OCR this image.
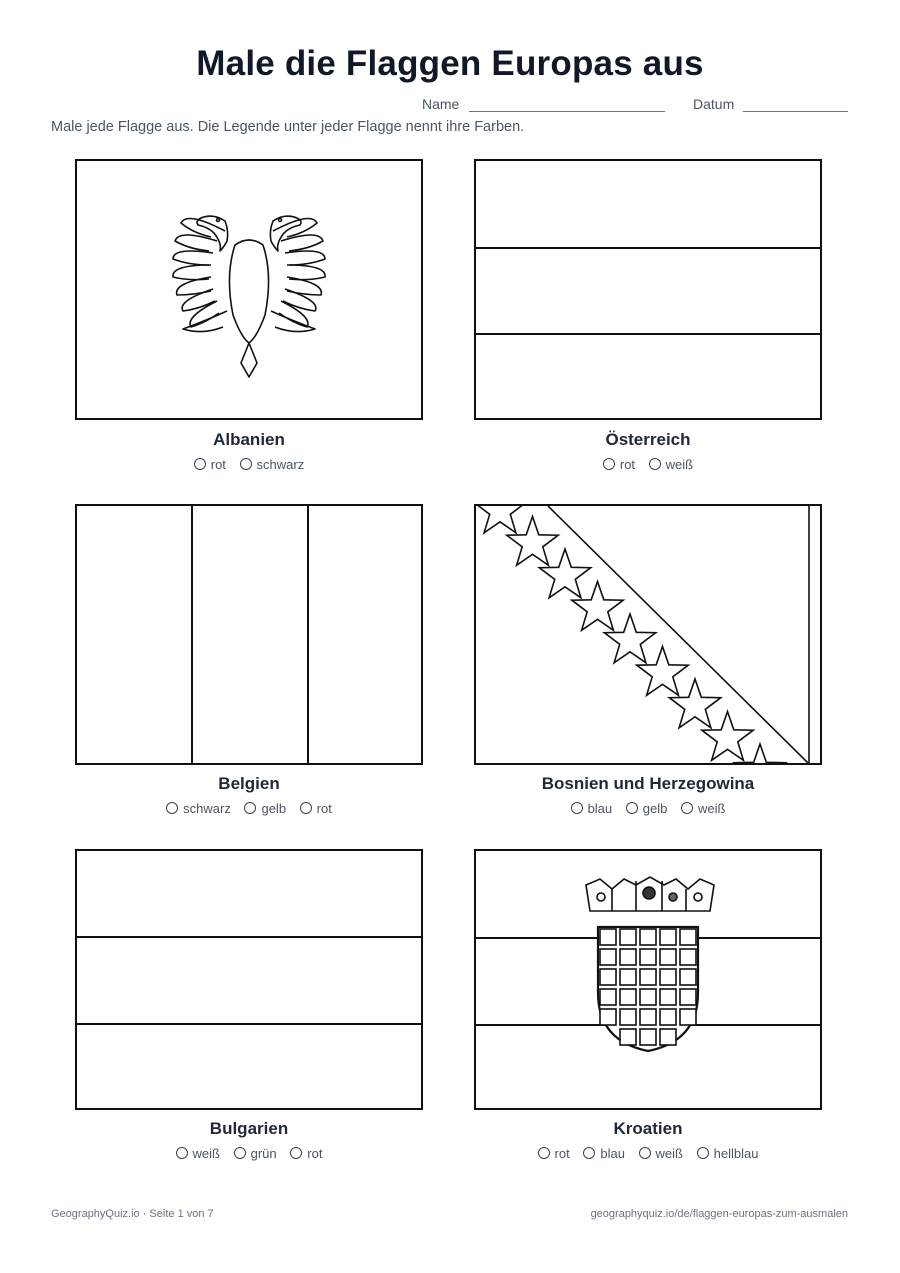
Male die Flaggen Europas aus
Name	Datum
Male jede Flagge aus. Die Legende unter jeder Flagge nennt ihre Farben.
Albanien
rot schwarz
Österreich
rot weiß
Belgien
schwarz gelb rot
Bosnien und Herzegowina
blau gelb weiß
Bulgarien
weiß grün rot
Kroatien
rot blau weiß hellblau
GeographyQuiz.io · Seite 1 von 7	geographyquiz.io/de/flaggen-europas-zum-ausmalen
